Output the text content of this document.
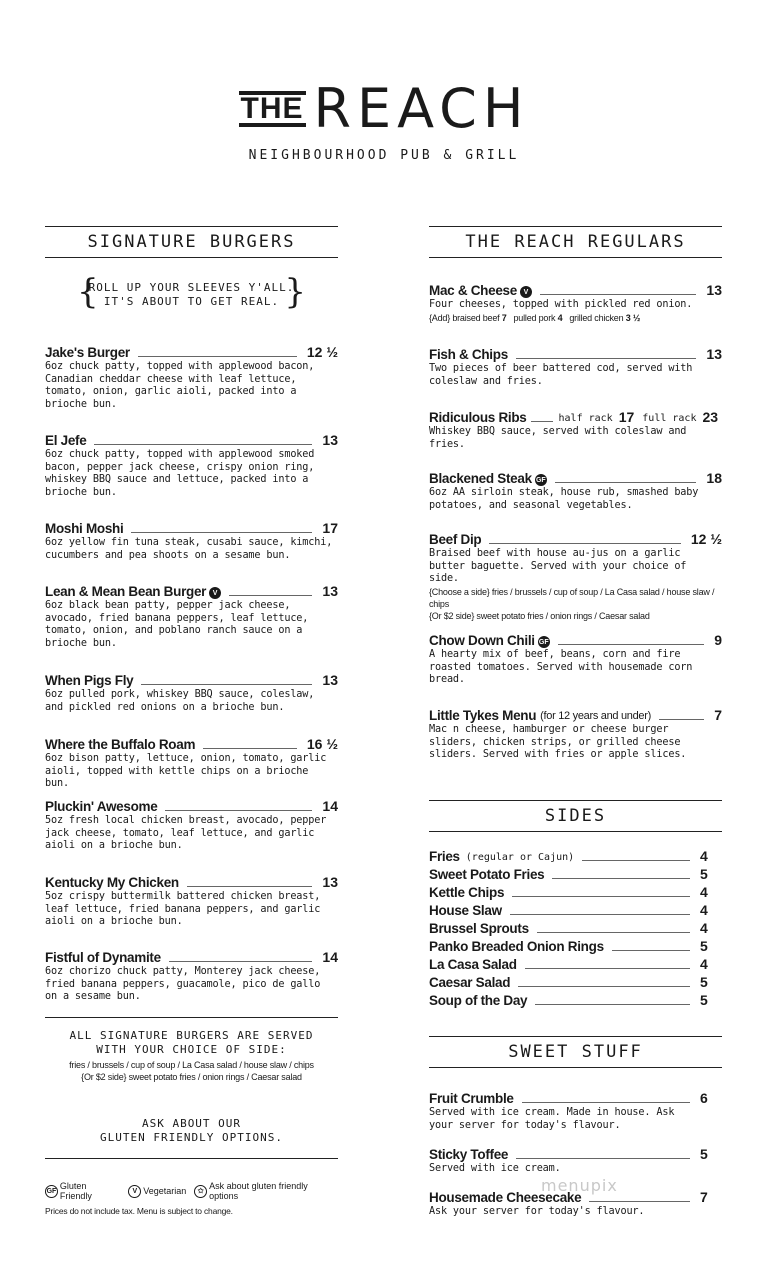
THE REACH
NEIGHBOURHOOD PUB & GRILL
SIGNATURE BURGERS
{
ROLL UP YOUR SLEEVES Y'ALL.
IT'S ABOUT TO GET REAL. }
Jake's Burger	12 ½
6oz chuck patty, topped with applewood bacon, Canadian cheddar cheese with leaf lettuce, tomato, onion, garlic aioli, packed into a brioche bun.
El Jefe	13
6oz chuck patty, topped with applewood smoked bacon, pepper jack cheese, crispy onion ring, whiskey BBQ sauce and lettuce, packed into a brioche bun.
Moshi Moshi	17
6oz yellow fin tuna steak, cusabi sauce, kimchi, cucumbers and pea shoots on a sesame bun.
Lean & Mean Bean Burger V	13
6oz black bean patty, pepper jack cheese, avocado, fried banana peppers, leaf lettuce, tomato, onion, and poblano ranch sauce on a brioche bun.
When Pigs Fly	13
6oz pulled pork, whiskey BBQ sauce, coleslaw, and pickled red onions on a brioche bun.
Where the Buffalo Roam	16 ½
6oz bison patty, lettuce, onion, tomato, garlic aioli, topped with kettle chips on a brioche bun.
Pluckin' Awesome	14
5oz fresh local chicken breast, avocado, pepper jack cheese, tomato, leaf lettuce, and garlic aioli on a brioche bun.
Kentucky My Chicken	13
5oz crispy buttermilk battered chicken breast, leaf lettuce, fried banana peppers, and garlic aioli on a brioche bun.
Fistful of Dynamite	14
6oz chorizo chuck patty, Monterey jack cheese, fried banana peppers, guacamole, pico de gallo on a sesame bun.
ALL SIGNATURE BURGERS ARE SERVED
WITH YOUR CHOICE OF SIDE:
fries / brussels / cup of soup / La Casa salad / house slaw / chips
{Or $2 side} sweet potato fries / onion rings / Caesar salad
ASK ABOUT OUR
GLUTEN FRIENDLY OPTIONS.
GF Gluten Friendly	V Vegetarian	✩
Ask about gluten friendly options
Prices do not include tax. Menu is subject to change.
THE REACH REGULARS
Mac & Cheese V	13
Four cheeses, topped with pickled red onion.
{Add} braised beef 7 pulled pork 4 grilled chicken 3 ½
Fish & Chips	13
Two pieces of beer battered cod, served with coleslaw and fries.
Ridiculous Ribs	half rack 17 full rack 23
Whiskey BBQ sauce, served with coleslaw and fries.
Blackened Steak GF	18
6oz AA sirloin steak, house rub, smashed baby potatoes, and seasonal vegetables.
Beef Dip	12 ½
Braised beef with house au-jus on a garlic butter baguette. Served with your choice of side.
{Choose a side} fries / brussels / cup of soup / La Casa salad / house slaw / chips
{Or $2 side} sweet potato fries / onion rings / Caesar salad
Chow Down Chili GF	9
A hearty mix of beef, beans, corn and fire roasted tomatoes. Served with housemade corn bread.
Little Tykes Menu (for 12 years and under)	7
Mac n cheese, hamburger or cheese burger sliders, chicken strips, or grilled cheese sliders. Served with fries or apple slices.
SIDES
Fries (regular or Cajun)	4
Sweet Potato Fries	5
Kettle Chips	4
House Slaw	4
Brussel Sprouts	4
Panko Breaded Onion Rings	5
La Casa Salad	4
Caesar Salad	5
Soup of the Day	5
SWEET STUFF
Fruit Crumble	6
Served with ice cream. Made in house. Ask your server for today's flavour.
Sticky Toffee	5
Served with ice cream.
Housemade Cheesecake	7
Ask your server for today's flavour.
menupix
